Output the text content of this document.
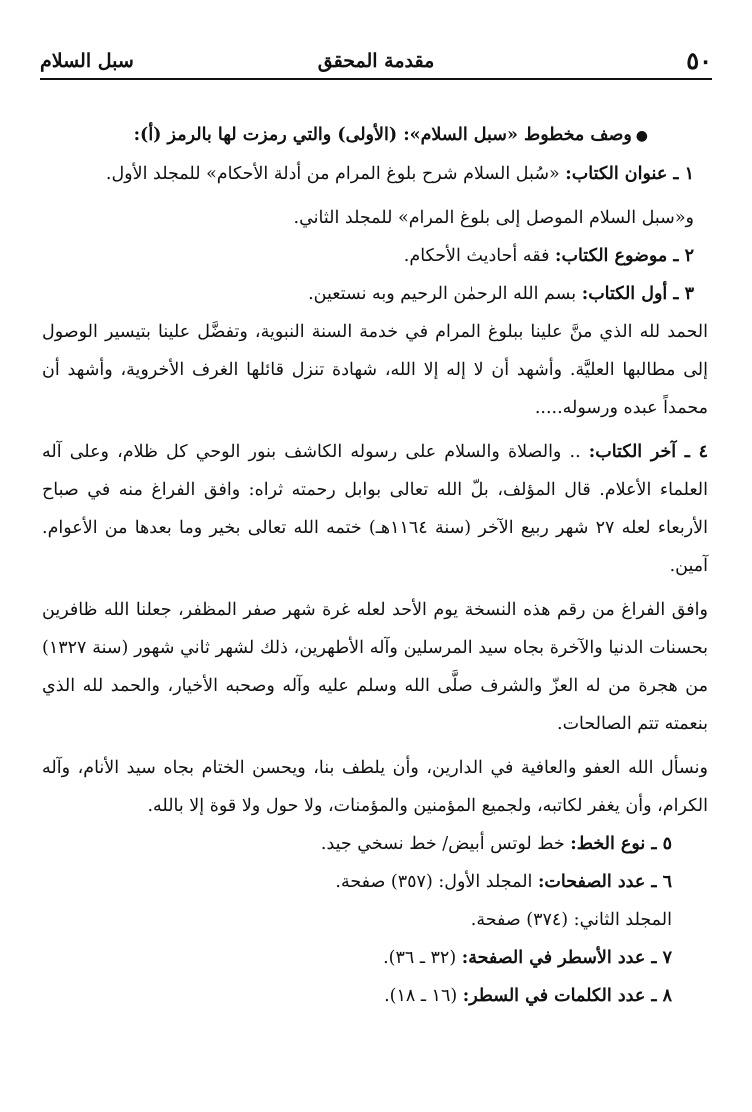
٥٠
مقدمة المحقق
سبل السلام

●وصف مخطوط «سبل السلام»: (الأولى) والتي رمزت لها بالرمز (أ):

١ ـ عنوان الكتاب: «سُبل السلام شرح بلوغ المرام من أدلة الأحكام» للمجلد الأول.

و«سبل السلام الموصل إلى بلوغ المرام» للمجلد الثاني.

٢ ـ موضوع الكتاب: فقه أحاديث الأحكام.

٣ ـ أول الكتاب: بسم الله الرحمٰن الرحيم وبه نستعين.

الحمد لله الذي منَّ علينا ببلوغ المرام في خدمة السنة النبوية، وتفضَّل علينا بتيسير الوصول إلى مطالبها العليَّة. وأشهد أن لا إله إلا الله، شهادة تنزل قائلها الغرف الأخروية، وأشهد أن محمداً عبده ورسوله.....

٤ ـ آخر الكتاب: .. والصلاة والسلام على رسوله الكاشف بنور الوحي كل ظلام، وعلى آله العلماء الأعلام. قال المؤلف، بلّ الله تعالى بوابل رحمته ثراه: وافق الفراغ منه في صباح الأربعاء لعله ٢٧ شهر ربيع الآخر (سنة ١١٦٤هـ) ختمه الله تعالى بخير وما بعدها من الأعوام. آمين.

وافق الفراغ من رقم هذه النسخة يوم الأحد لعله غرة شهر صفر المظفر، جعلنا الله ظافرين بحسنات الدنيا والآخرة بجاه سيد المرسلين وآله الأطهرين، ذلك لشهر ثاني شهور (سنة ١٣٢٧) من هجرة من له العزّ والشرف صلَّى الله وسلم عليه وآله وصحبه الأخيار، والحمد لله الذي بنعمته تتم الصالحات.

ونسأل الله العفو والعافية في الدارين، وأن يلطف بنا، ويحسن الختام بجاه سيد الأنام، وآله الكرام، وأن يغفر لكاتبه، ولجميع المؤمنين والمؤمنات، ولا حول ولا قوة إلا بالله.

٥ ـ نوع الخط: خط لوتس أبيض/ خط نسخي جيد.

٦ ـ عدد الصفحات: المجلد الأول: (٣٥٧) صفحة.

المجلد الثاني: (٣٧٤) صفحة.

٧ ـ عدد الأسطر في الصفحة: (٣٢ ـ ٣٦).

٨ ـ عدد الكلمات في السطر: (١٦ ـ ١٨).
